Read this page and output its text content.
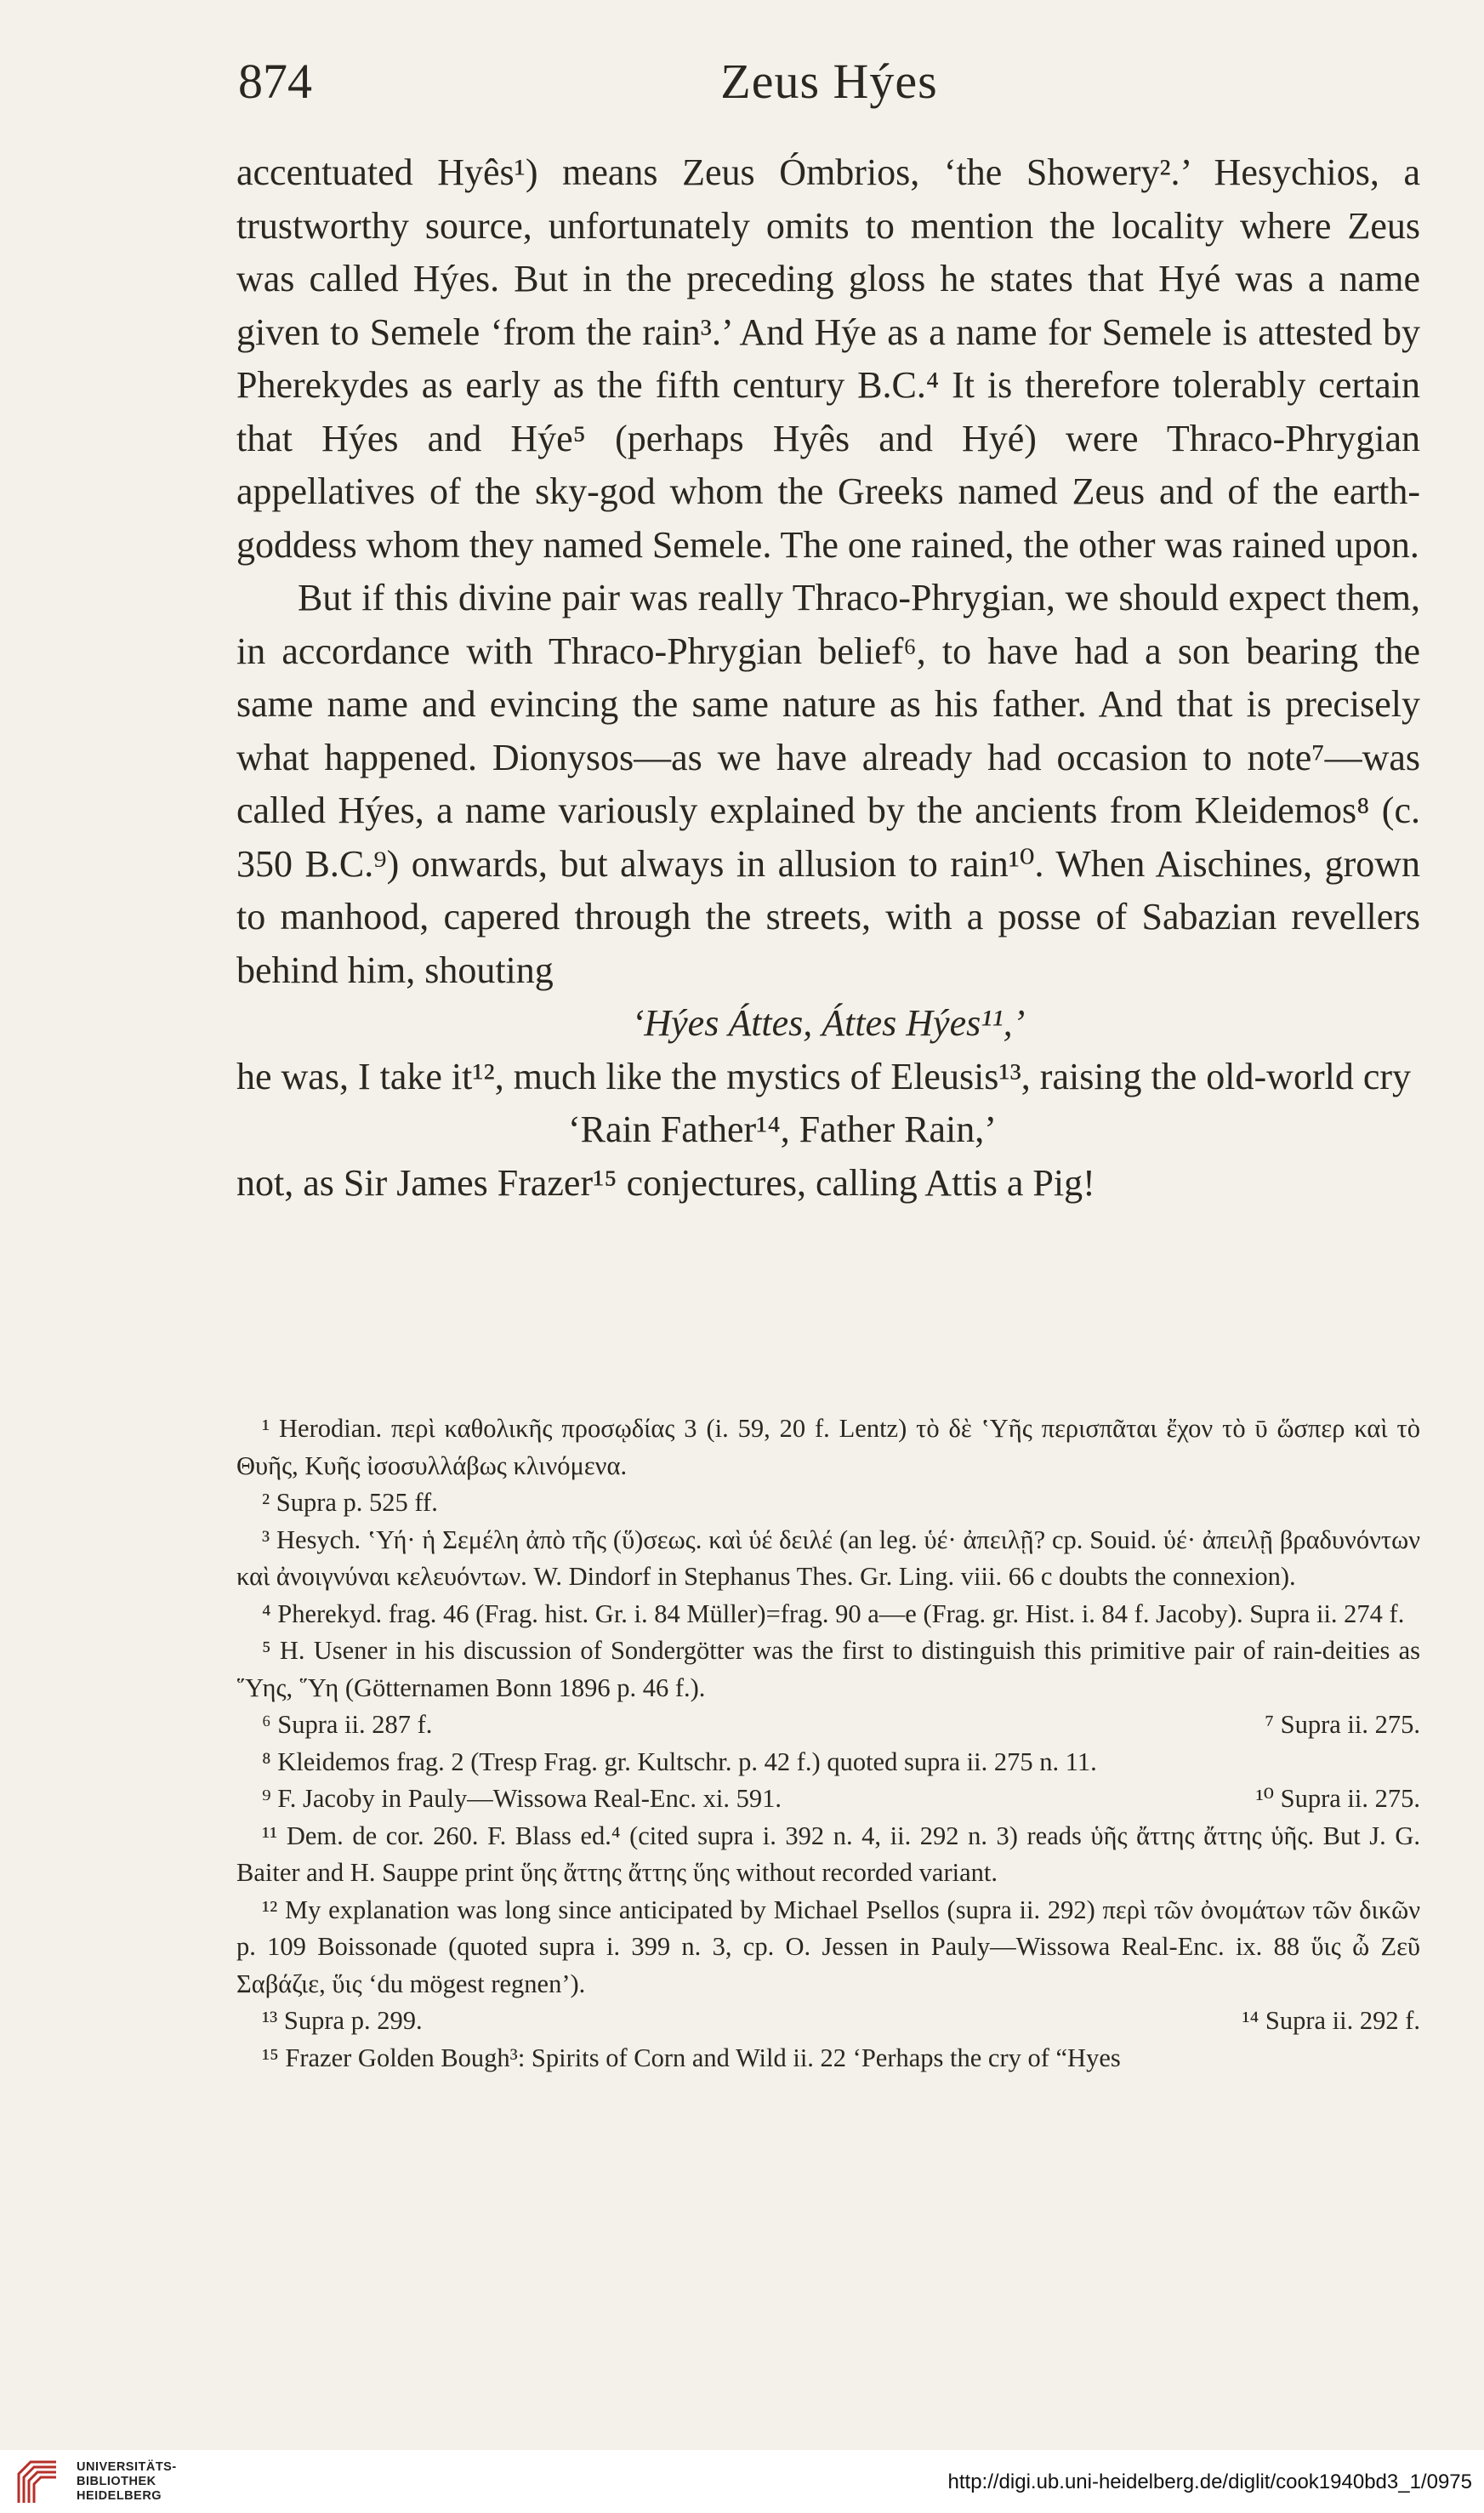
874	Zeus Hýes

accentuated Hyês¹) means Zeus Ómbrios, ‘the Showery².’ Hesychios, a trustworthy source, unfortunately omits to mention the locality where Zeus was called Hýes. But in the preceding gloss he states that Hyé was a name given to Semele ‘from the rain³.’ And Hýe as a name for Semele is attested by Pherekydes as early as the fifth century B.C.⁴ It is therefore tolerably certain that Hýes and Hýe⁵ (perhaps Hyês and Hyé) were Thraco-Phrygian appellatives of the sky-god whom the Greeks named Zeus and of the earth-goddess whom they named Semele. The one rained, the other was rained upon.

But if this divine pair was really Thraco-Phrygian, we should expect them, in accordance with Thraco-Phrygian belief⁶, to have had a son bearing the same name and evincing the same nature as his father. And that is precisely what happened. Dionysos—as we have already had occasion to note⁷—was called Hýes, a name variously explained by the ancients from Kleidemos⁸ (c. 350 B.C.⁹) onwards, but always in allusion to rain¹⁰. When Aischines, grown to manhood, capered through the streets, with a posse of Sabazian revellers behind him, shouting

‘Hýes Áttes, Áttes Hýes¹¹,’

he was, I take it¹², much like the mystics of Eleusis¹³, raising the old-world cry

‘Rain Father¹⁴, Father Rain,’

not, as Sir James Frazer¹⁵ conjectures, calling Attis a Pig!

¹ Herodian. περὶ καθολικῆς προσῳδίας 3 (i. 59, 20 f. Lentz) τὸ δὲ ‛Υῆς περισπᾶται ἔχον τὸ ῡ ὥσπερ καὶ τὸ Θυῆς, Κυῆς ἰσοσυλλάβως κλινόμενα.

² Supra p. 525 ff.

³ Hesych. ‛Υή· ἡ Σεμέλη ἀπὸ τῆς (ὕ)σεως. καὶ ὑέ δειλέ (an leg. ὑέ· ἀπειλῇ? cp. Souid. ὑέ· ἀπειλῇ βραδυνόντων καὶ ἀνοιγνύναι κελευόντων. W. Dindorf in Stephanus Thes. Gr. Ling. viii. 66 c doubts the connexion).

⁴ Pherekyd. frag. 46 (Frag. hist. Gr. i. 84 Müller)=frag. 90 a—e (Frag. gr. Hist. i. 84 f. Jacoby). Supra ii. 274 f.

⁵ H. Usener in his discussion of Sondergötter was the first to distinguish this primitive pair of rain-deities as ῞Υης, ῞Υη (Götternamen Bonn 1896 p. 46 f.).

⁶ Supra ii. 287 f.	⁷ Supra ii. 275.

⁸ Kleidemos frag. 2 (Tresp Frag. gr. Kultschr. p. 42 f.) quoted supra ii. 275 n. 11.

⁹ F. Jacoby in Pauly—Wissowa Real-Enc. xi. 591.	¹⁰ Supra ii. 275.

¹¹ Dem. de cor. 260. F. Blass ed.⁴ (cited supra i. 392 n. 4, ii. 292 n. 3) reads ὑῆς ἄττης ἄττης ὑῆς. But J. G. Baiter and H. Sauppe print ὕης ἄττης ἄττης ὕης without recorded variant.

¹² My explanation was long since anticipated by Michael Psellos (supra ii. 292) περὶ τῶν ὀνομάτων τῶν δικῶν p. 109 Boissonade (quoted supra i. 399 n. 3, cp. O. Jessen in Pauly—Wissowa Real-Enc. ix. 88 ὕις ὦ Ζεῦ Σαβάζιε, ὕις ‘du mögest regnen’).

¹³ Supra p. 299.	¹⁴ Supra ii. 292 f.

¹⁵ Frazer Golden Bough³: Spirits of Corn and Wild ii. 22 ‘Perhaps the cry of “Hyes

UNIVERSITÄTS-
BIBLIOTHEK
HEIDELBERG
http://digi.ub.uni-heidelberg.de/diglit/cook1940bd3_1/0975
